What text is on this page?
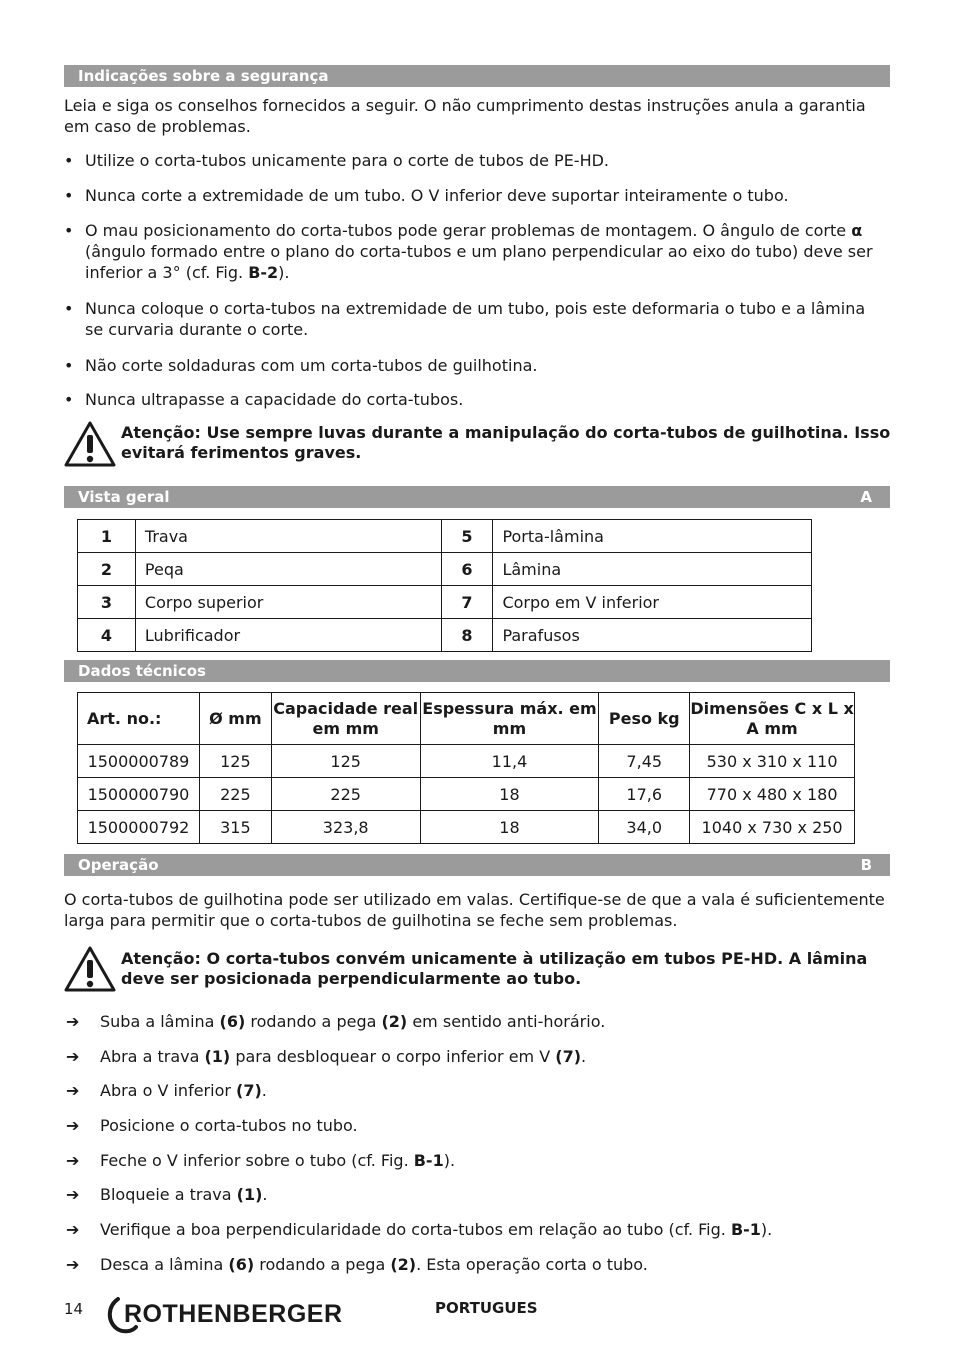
Indicações sobre a segurança
Leia e siga os conselhos fornecidos a seguir. O não cumprimento destas instruções anula a garantia em caso de problemas.
• Utilize o corta-tubos unicamente para o corte de tubos de PE-HD.
• Nunca corte a extremidade de um tubo. O V inferior deve suportar inteiramente o tubo.
• O mau posicionamento do corta-tubos pode gerar problemas de montagem. O ângulo de corte α (ângulo formado entre o plano do corta-tubos e um plano perpendicular ao eixo do tubo) deve ser inferior a 3° (cf. Fig. B-2).
• Nunca coloque o corta-tubos na extremidade de um tubo, pois este deformaria o tubo e a lâmina se curvaria durante o corte.
• Não corte soldaduras com um corta-tubos de guilhotina.
• Nunca ultrapasse a capacidade do corta-tubos.
Atenção: Use sempre luvas durante a manipulação do corta-tubos de guilhotina. Isso evitará ferimentos graves.
Vista geral	A
1	Trava	5	Porta-lâmina
2	Peqa	6	Lâmina
3	Corpo superior	7	Corpo em V inferior
4	Lubrificador	8	Parafusos
Dados técnicos
Art. no.:	Ø mm	Capacidade real em mm	Espessura máx. em mm	Peso kg	Dimensões C x L x A mm
1500000789	125	125	11,4	7,45	530 x 310 x 110
1500000790	225	225	18	17,6	770 x 480 x 180
1500000792	315	323,8	18	34,0	1040 x 730 x 250
Operação	B
O corta-tubos de guilhotina pode ser utilizado em valas. Certifique-se de que a vala é suficientemente larga para permitir que o corta-tubos de guilhotina se feche sem problemas.
Atenção: O corta-tubos convém unicamente à utilização em tubos PE-HD. A lâmina deve ser posicionada perpendicularmente ao tubo.
➔ Suba a lâmina (6) rodando a pega (2) em sentido anti-horário.
➔ Abra a trava (1) para desbloquear o corpo inferior em V (7).
➔ Abra o V inferior (7).
➔ Posicione o corta-tubos no tubo.
➔ Feche o V inferior sobre o tubo (cf. Fig. B-1).
➔ Bloqueie a trava (1).
➔ Verifique a boa perpendicularidade do corta-tubos em relação ao tubo (cf. Fig. B-1).
➔ Desca a lâmina (6) rodando a pega (2). Esta operação corta o tubo.
14 ROTHENBERGER	PORTUGUES
